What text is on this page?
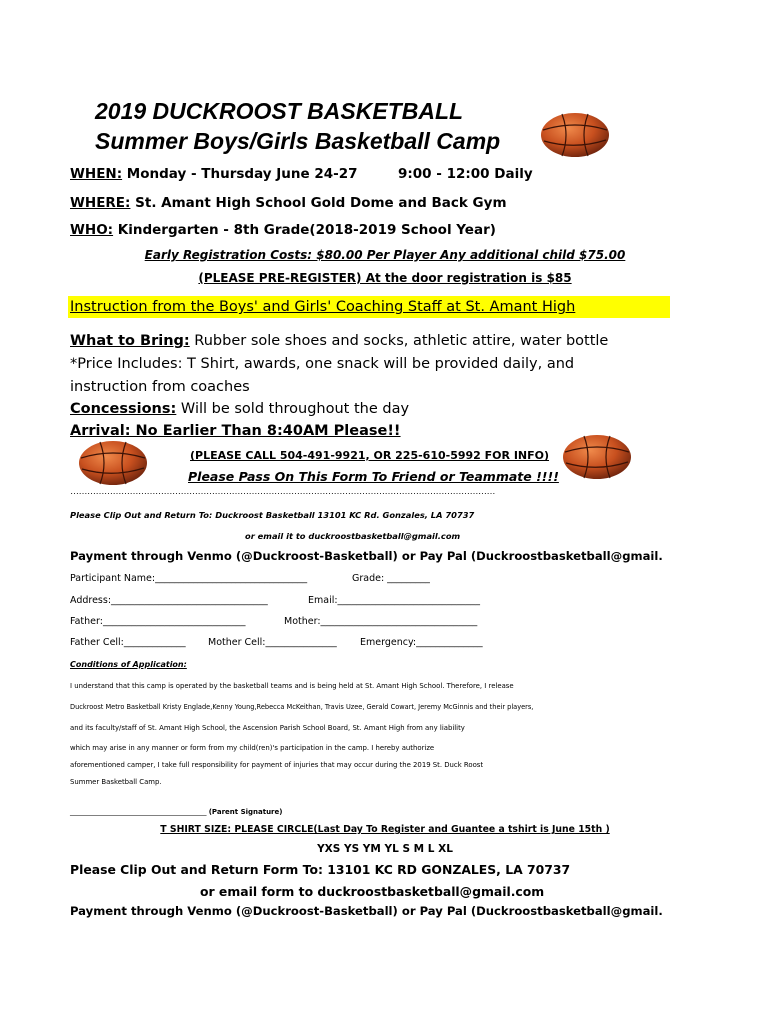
2019 DUCKROOST BASKETBALL
Summer Boys/Girls Basketball Camp
WHEN: Monday - Thursday June 24-27	9:00 - 12:00 Daily
WHERE: St. Amant High School Gold Dome and Back Gym
WHO: Kindergarten - 8th Grade(2018-2019 School Year)
Early Registration Costs: $80.00 Per Player Any additional child $75.00
(PLEASE PRE-REGISTER) At the door registration is $85
Instruction from the Boys' and Girls' Coaching Staff at St. Amant High
What to Bring: Rubber sole shoes and socks, athletic attire, water bottle
*Price Includes: T Shirt, awards, one snack will be provided daily, and
instruction from coaches
Concessions: Will be sold throughout the day
Arrival: No Earlier Than 8:40AM Please!!
(PLEASE CALL 504-491-9921, OR 225-610-5992 FOR INFO)
Please Pass On This Form To Friend or Teammate !!!!
……………………………………………………………………………………………………………………………………
Please Clip Out and Return To: Duckroost Basketball 13101 KC Rd. Gonzales, LA 70737
or email it to duckroostbasketball@gmail.com
Payment through Venmo (@Duckroost-Basketball) or Pay Pal (Duckroostbasketball@gmail.
Participant Name:________________________________	Grade: _________
Address:_________________________________	Email:______________________________
Father:______________________________	Mother:_________________________________
Father Cell:_____________ Mother Cell:_______________ Emergency:______________
Conditions of Application:
I understand that this camp is operated by the basketball teams and is being held at St. Amant High School. Therefore, I release
Duckroost Metro Basketball Kristy Englade,Kenny Young,Rebecca McKeithan, Travis Uzee, Gerald Cowart, Jeremy McGinnis and their players,
and its faculty/staff of St. Amant High School, the Ascension Parish School Board, St. Amant High from any liability
which may arise in any manner or form from my child(ren)'s participation in the camp. I hereby authorize
aforementioned camper, I take full responsibility for payment of injuries that may occur during the 2019 St. Duck Roost
Summer Basketball Camp.
_______________________________________ (Parent Signature)
T SHIRT SIZE: PLEASE CIRCLE(Last Day To Register and Guantee a tshirt is June 15th )
YXS YS YM YL S M L XL
Please Clip Out and Return Form To: 13101 KC RD GONZALES, LA 70737
or email form to duckroostbasketball@gmail.com
Payment through Venmo (@Duckroost-Basketball) or Pay Pal (Duckroostbasketball@gmail.
